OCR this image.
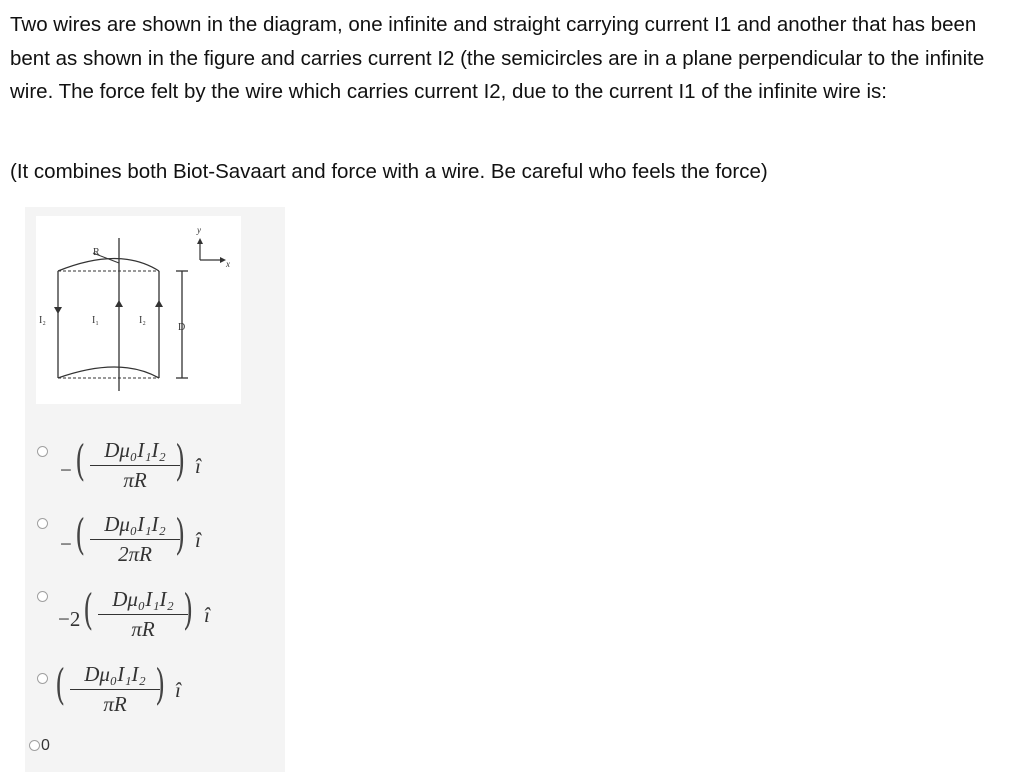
Two wires are shown in the diagram, one infinite and straight carrying current I1 and another that has been bent as shown in the figure and carries current I2 (the semicircles are in a plane perpendicular to the infinite wire. The force felt by the wire which carries current I2, due to the current I1 of the infinite wire is:

(It combines both Biot-Savaart and force with a wire. Be careful who feels the force)

R
I₂	I₁	I₂
D
y
x
− ( Dμ₀I₁I₂
πR ) î
− ( Dμ₀I₁I₂
2πR ) î
−2 ( Dμ₀I₁I₂
πR ) î
( Dμ₀I₁I₂
πR ) î
0
